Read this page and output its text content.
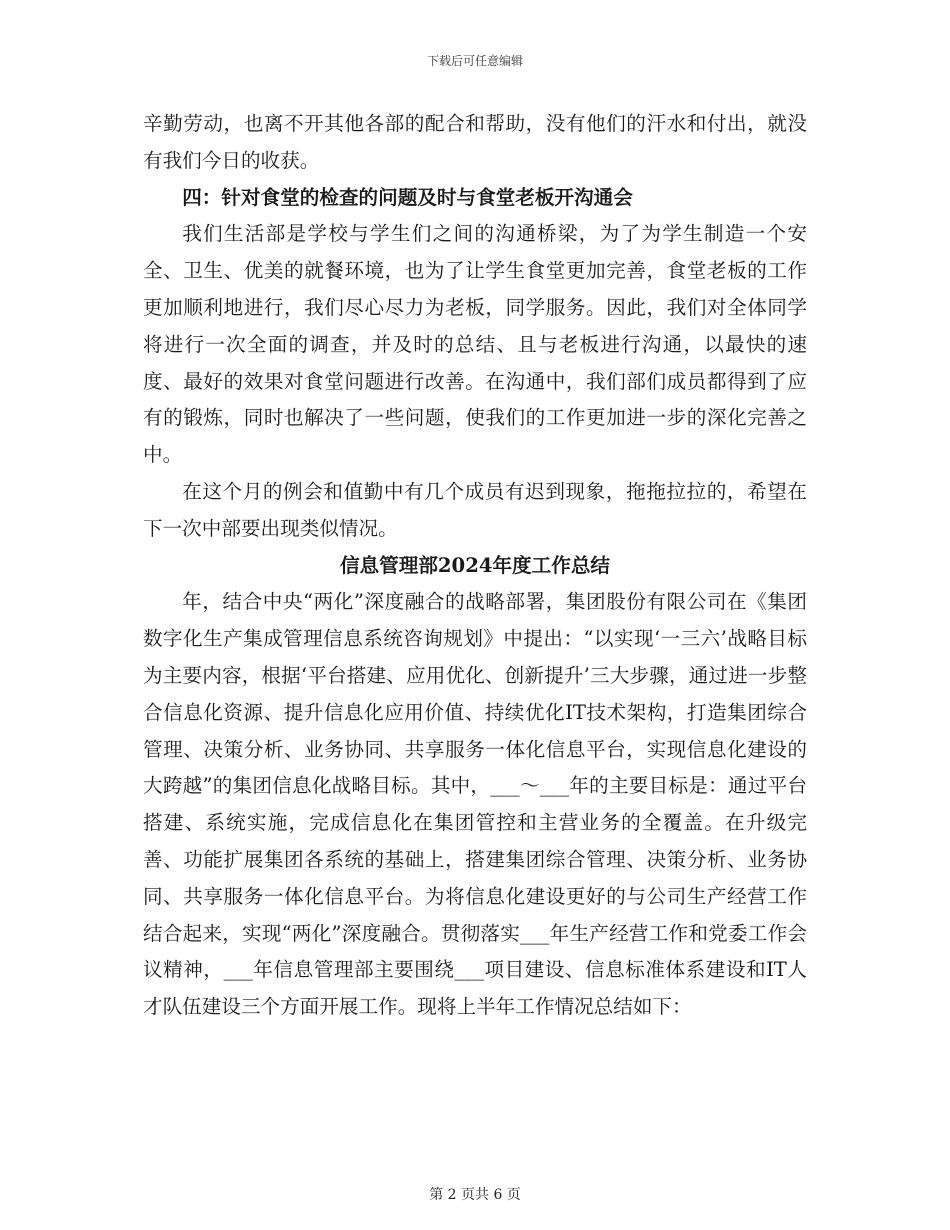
下载后可任意编辑

辛勤劳动，也离不开其他各部的配合和帮助，没有他们的汗水和付出，就没有我们今日的收获。

四：针对食堂的检查的问题及时与食堂老板开沟通会

我们生活部是学校与学生们之间的沟通桥梁，为了为学生制造一个安全、卫生、优美的就餐环境，也为了让学生食堂更加完善，食堂老板的工作更加顺利地进行，我们尽心尽力为老板，同学服务。因此，我们对全体同学将进行一次全面的调查，并及时的总结、且与老板进行沟通，以最快的速度、最好的效果对食堂问题进行改善。在沟通中，我们部们成员都得到了应有的锻炼，同时也解决了一些问题，使我们的工作更加进一步的深化完善之中。

在这个月的例会和值勤中有几个成员有迟到现象，拖拖拉拉的，希望在下一次中部要出现类似情况。

信息管理部2024年度工作总结

年，结合中央“两化”深度融合的战略部署，集团股份有限公司在《集团数字化生产集成管理信息系统咨询规划》中提出：“以实现‘一三六’战略目标为主要内容，根据‘平台搭建、应用优化、创新提升’三大步骤，通过进一步整合信息化资源、提升信息化应用价值、持续优化IT技术架构，打造集团综合管理、决策分析、业务协同、共享服务一体化信息平台，实现信息化建设的大跨越”的集团信息化战略目标。其中，___～___年的主要目标是：通过平台搭建、系统实施，完成信息化在集团管控和主营业务的全覆盖。在升级完善、功能扩展集团各系统的基础上，搭建集团综合管理、决策分析、业务协同、共享服务一体化信息平台。为将信息化建设更好的与公司生产经营工作结合起来，实现“两化”深度融合。贯彻落实___年生产经营工作和党委工作会议精神，___年信息管理部主要围绕___项目建设、信息标准体系建设和IT人才队伍建设三个方面开展工作。现将上半年工作情况总结如下：

第 2 页共 6 页
